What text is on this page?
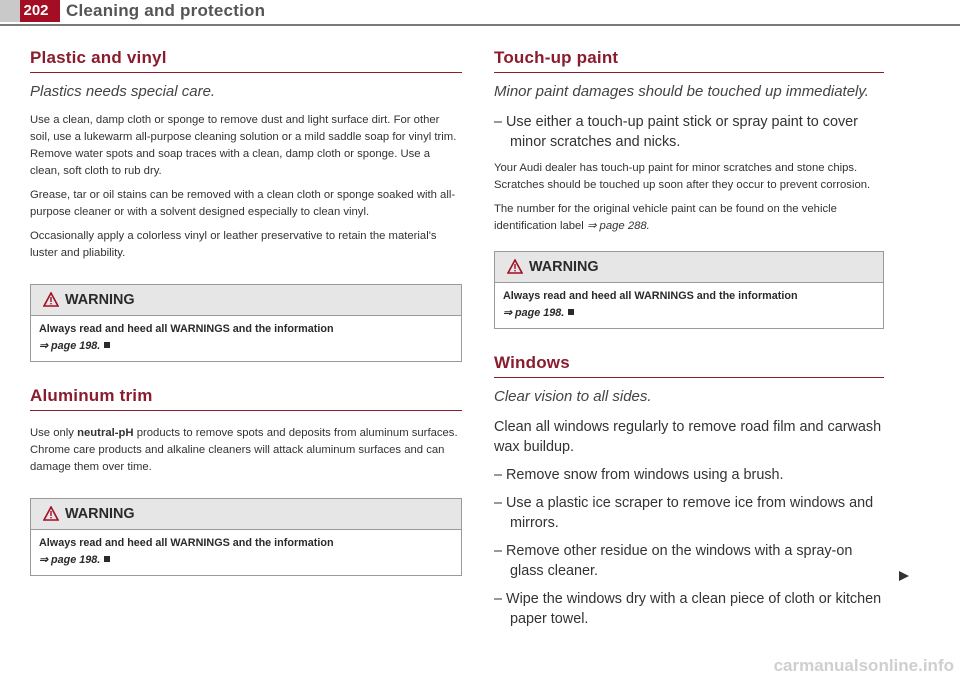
202	Cleaning and protection
Plastic and vinyl
Plastics needs special care.

Use a clean, damp cloth or sponge to remove dust and light surface dirt. For other soil, use a lukewarm all-purpose cleaning solution or a mild saddle soap for vinyl trim. Remove water spots and soap traces with a clean, damp cloth or sponge. Use a clean, soft cloth to rub dry.

Grease, tar or oil stains can be removed with a clean cloth or sponge soaked with all-purpose cleaner or with a solvent designed especially to clean vinyl.

Occasionally apply a colorless vinyl or leather preservative to retain the material's luster and pliability.

WARNING
Always read and heed all WARNINGS and the information
⇒ page 198.
Aluminum trim

Use only neutral-pH products to remove spots and deposits from aluminum surfaces. Chrome care products and alkaline cleaners will attack aluminum surfaces and can damage them over time.

WARNING
Always read and heed all WARNINGS and the information
⇒ page 198.
Touch-up paint
Minor paint damages should be touched up immediately.

– Use either a touch-up paint stick or spray paint to cover minor scratches and nicks.

Your Audi dealer has touch-up paint for minor scratches and stone chips. Scratches should be touched up soon after they occur to prevent corrosion.

The number for the original vehicle paint can be found on the vehicle identification label ⇒ page 288.

WARNING
Always read and heed all WARNINGS and the information
⇒ page 198.
Windows
Clear vision to all sides.

Clean all windows regularly to remove road film and carwash wax buildup.

– Remove snow from windows using a brush.

– Use a plastic ice scraper to remove ice from windows and mirrors.

– Remove other residue on the windows with a spray-on glass cleaner.

– Wipe the windows dry with a clean piece of cloth or kitchen paper towel.

carmanualsonline.info
